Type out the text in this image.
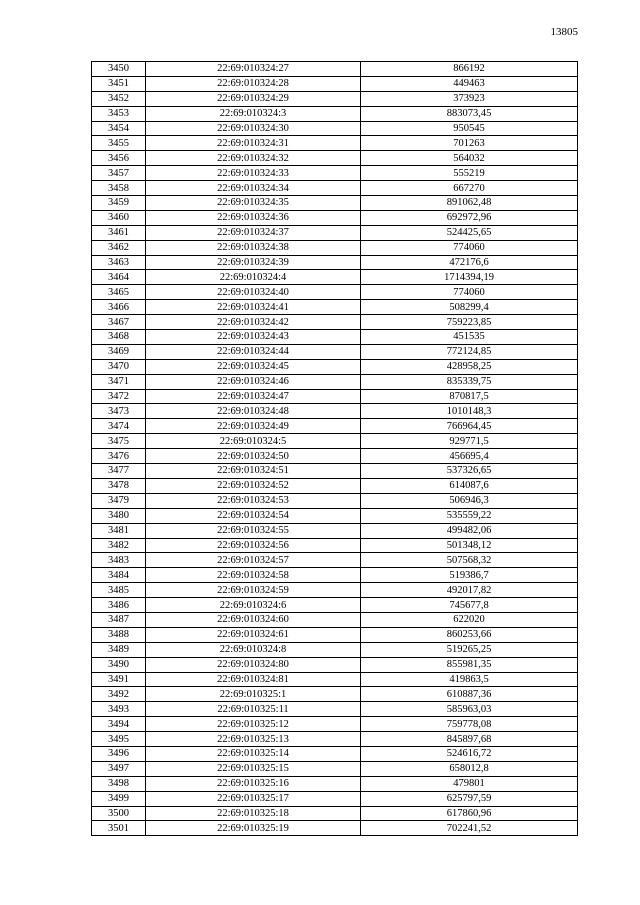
13805
3450	22:69:010324:27	866192
3451	22:69:010324:28	449463
3452	22:69:010324:29	373923
3453	22:69:010324:3	883073,45
3454	22:69:010324:30	950545
3455	22:69:010324:31	701263
3456	22:69:010324:32	564032
3457	22:69:010324:33	555219
3458	22:69:010324:34	667270
3459	22:69:010324:35	891062,48
3460	22:69:010324:36	692972,96
3461	22:69:010324:37	524425,65
3462	22:69:010324:38	774060
3463	22:69:010324:39	472176,6
3464	22:69:010324:4	1714394,19
3465	22:69:010324:40	774060
3466	22:69:010324:41	508299,4
3467	22:69:010324:42	759223,85
3468	22:69:010324:43	451535
3469	22:69:010324:44	772124,85
3470	22:69:010324:45	428958,25
3471	22:69:010324:46	835339,75
3472	22:69:010324:47	870817,5
3473	22:69:010324:48	1010148,3
3474	22:69:010324:49	766964,45
3475	22:69:010324:5	929771,5
3476	22:69:010324:50	456695,4
3477	22:69:010324:51	537326,65
3478	22:69:010324:52	614087,6
3479	22:69:010324:53	506946,3
3480	22:69:010324:54	535559,22
3481	22:69:010324:55	499482,06
3482	22:69:010324:56	501348,12
3483	22:69:010324:57	507568,32
3484	22:69:010324:58	519386,7
3485	22:69:010324:59	492017,82
3486	22:69:010324:6	745677,8
3487	22:69:010324:60	622020
3488	22:69:010324:61	860253,66
3489	22:69:010324:8	519265,25
3490	22:69:010324:80	855981,35
3491	22:69:010324:81	419863,5
3492	22:69:010325:1	610887,36
3493	22:69:010325:11	585963,03
3494	22:69:010325:12	759778,08
3495	22:69:010325:13	845897,68
3496	22:69:010325:14	524616,72
3497	22:69:010325:15	658012,8
3498	22:69:010325:16	479801
3499	22:69:010325:17	625797,59
3500	22:69:010325:18	617860,96
3501	22:69:010325:19	702241,52
